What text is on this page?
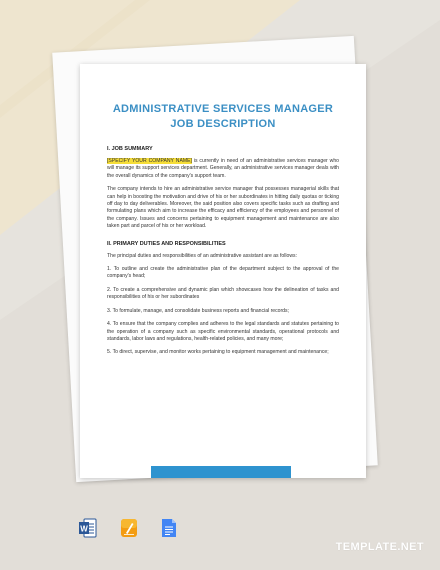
ADMINISTRATIVE SERVICES MANAGER
JOB DESCRIPTION
I. JOB SUMMARY

[SPECIFY YOUR COMPANY NAME] is currently in need of an administrative services manager who will manage its support services department. Generally, an administrative services manager deals with the overall dynamics of the company's support team.

The company intends to hire an administrative service manager that possesses managerial skills that can help in boosting the motivation and drive of his or her subordinates in hitting daily quotas or ticking off day to day deliverables. Moreover, the said position also covers specific tasks such as drafting and formulating plans which aim to increase the efficacy and efficiency of the employees and personnel of the company. Issues and concerns pertaining to equipment management and maintenance are also taken part and parcel of his or her workload.

II. PRIMARY DUTIES AND RESPONSIBILITIES

The principal duties and responsibilities of an administrative assistant are as follows:

1. To outline and create the administrative plan of the department subject to the approval of the company's head;

2. To create a comprehensive and dynamic plan which showcases how the delineation of tasks and responsibilities of his or her subordinates

3. To formulate, manage, and consolidate business reports and financial records;

4. To ensure that the company complies and adheres to the legal standards and statutes pertaining to the operation of a company such as specific environmental standards, operational protocols and standards, labor laws and regulations, health-related policies, and many more;

5. To direct, supervise, and monitor works pertaining to equipment management and maintenance;

W
TEMPLATE.NET
